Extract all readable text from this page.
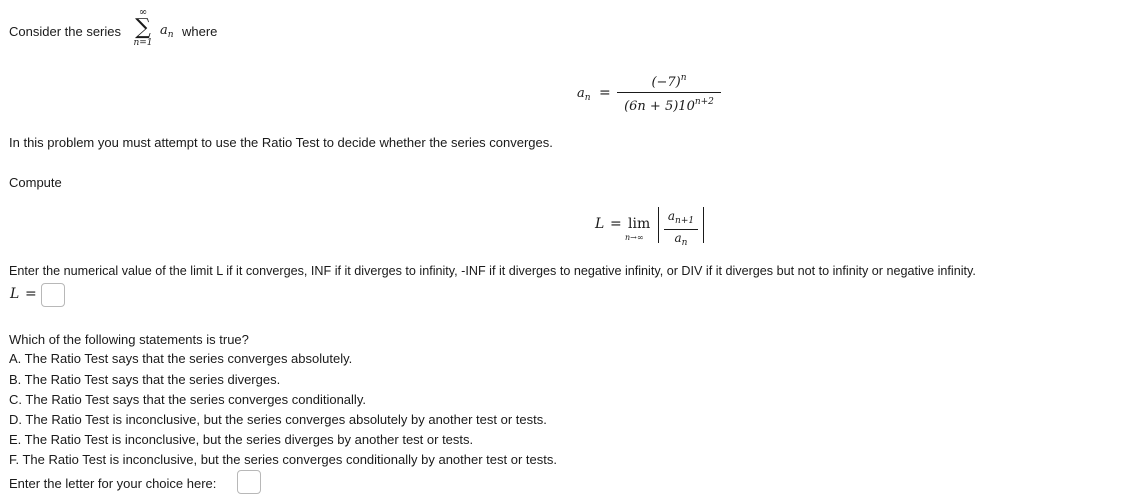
Consider the series
∞
∑
n=1
$a_n$ where
$a_n$ =
$(-7)^n$
$(6n + 5)10^{n+2}$
In this problem you must attempt to use the Ratio Test to decide whether the series converges.
Compute
L = lim
n→∞
$a_{n+1}$
$a_n$
Enter the numerical value of the limit L if it converges, INF if it diverges to infinity, -INF if it diverges to negative infinity, or DIV if it diverges but not to infinity or negative infinity.
L =
Which of the following statements is true?
A. The Ratio Test says that the series converges absolutely.
B. The Ratio Test says that the series diverges.
C. The Ratio Test says that the series converges conditionally.
D. The Ratio Test is inconclusive, but the series converges absolutely by another test or tests.
E. The Ratio Test is inconclusive, but the series diverges by another test or tests.
F. The Ratio Test is inconclusive, but the series converges conditionally by another test or tests.
Enter the letter for your choice here:
